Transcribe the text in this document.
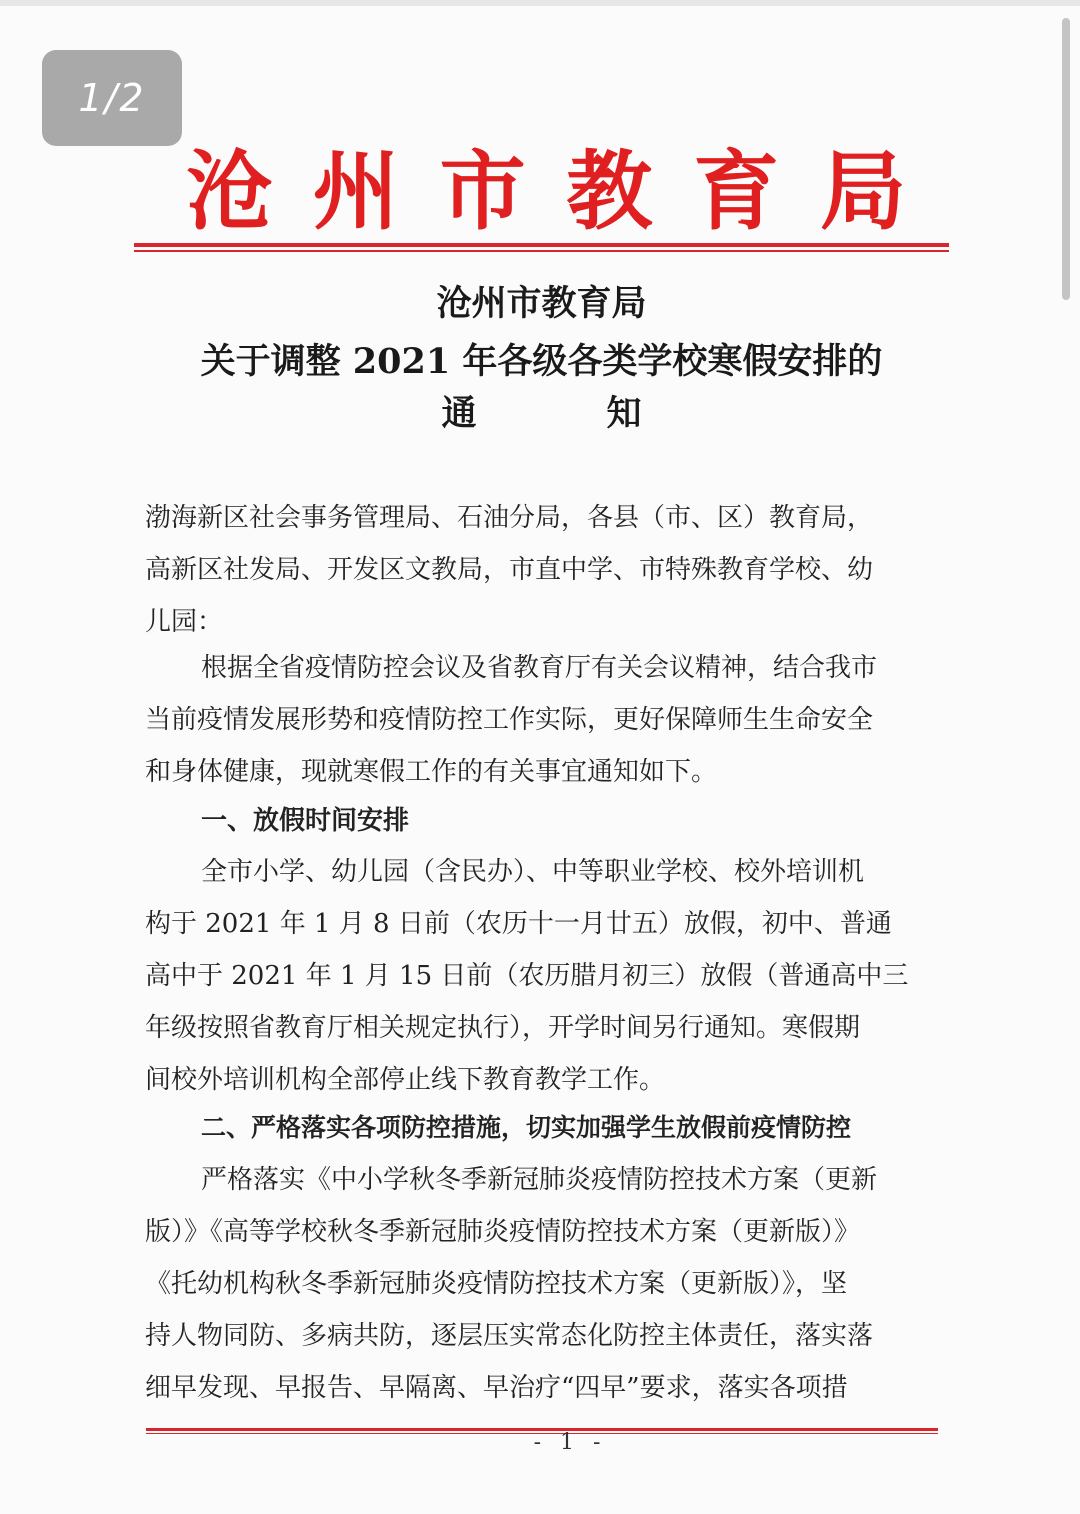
1/2
沧 州 市 教 育 局
沧州市教育局
关于调整 2021 年各级各类学校寒假安排的
通	知
渤海新区社会事务管理局、石油分局，各县（市、区）教育局，
高新区社发局、开发区文教局，市直中学、市特殊教育学校、幼
儿园：
根据全省疫情防控会议及省教育厅有关会议精神，结合我市
当前疫情发展形势和疫情防控工作实际，更好保障师生生命安全
和身体健康，现就寒假工作的有关事宜通知如下。
一、放假时间安排
全市小学、幼儿园（含民办）、中等职业学校、校外培训机
构于 2021 年 1 月 8 日前（农历十一月廿五）放假，初中、普通
高中于 2021 年 1 月 15 日前（农历腊月初三）放假（普通高中三
年级按照省教育厅相关规定执行），开学时间另行通知。寒假期
间校外培训机构全部停止线下教育教学工作。
二、严格落实各项防控措施，切实加强学生放假前疫情防控
严格落实《中小学秋冬季新冠肺炎疫情防控技术方案（更新
版）》《高等学校秋冬季新冠肺炎疫情防控技术方案（更新版）》
《托幼机构秋冬季新冠肺炎疫情防控技术方案（更新版）》，坚
持人物同防、多病共防，逐层压实常态化防控主体责任，落实落
细早发现、早报告、早隔离、早治疗“四早”要求，落实各项措
- 1 -
